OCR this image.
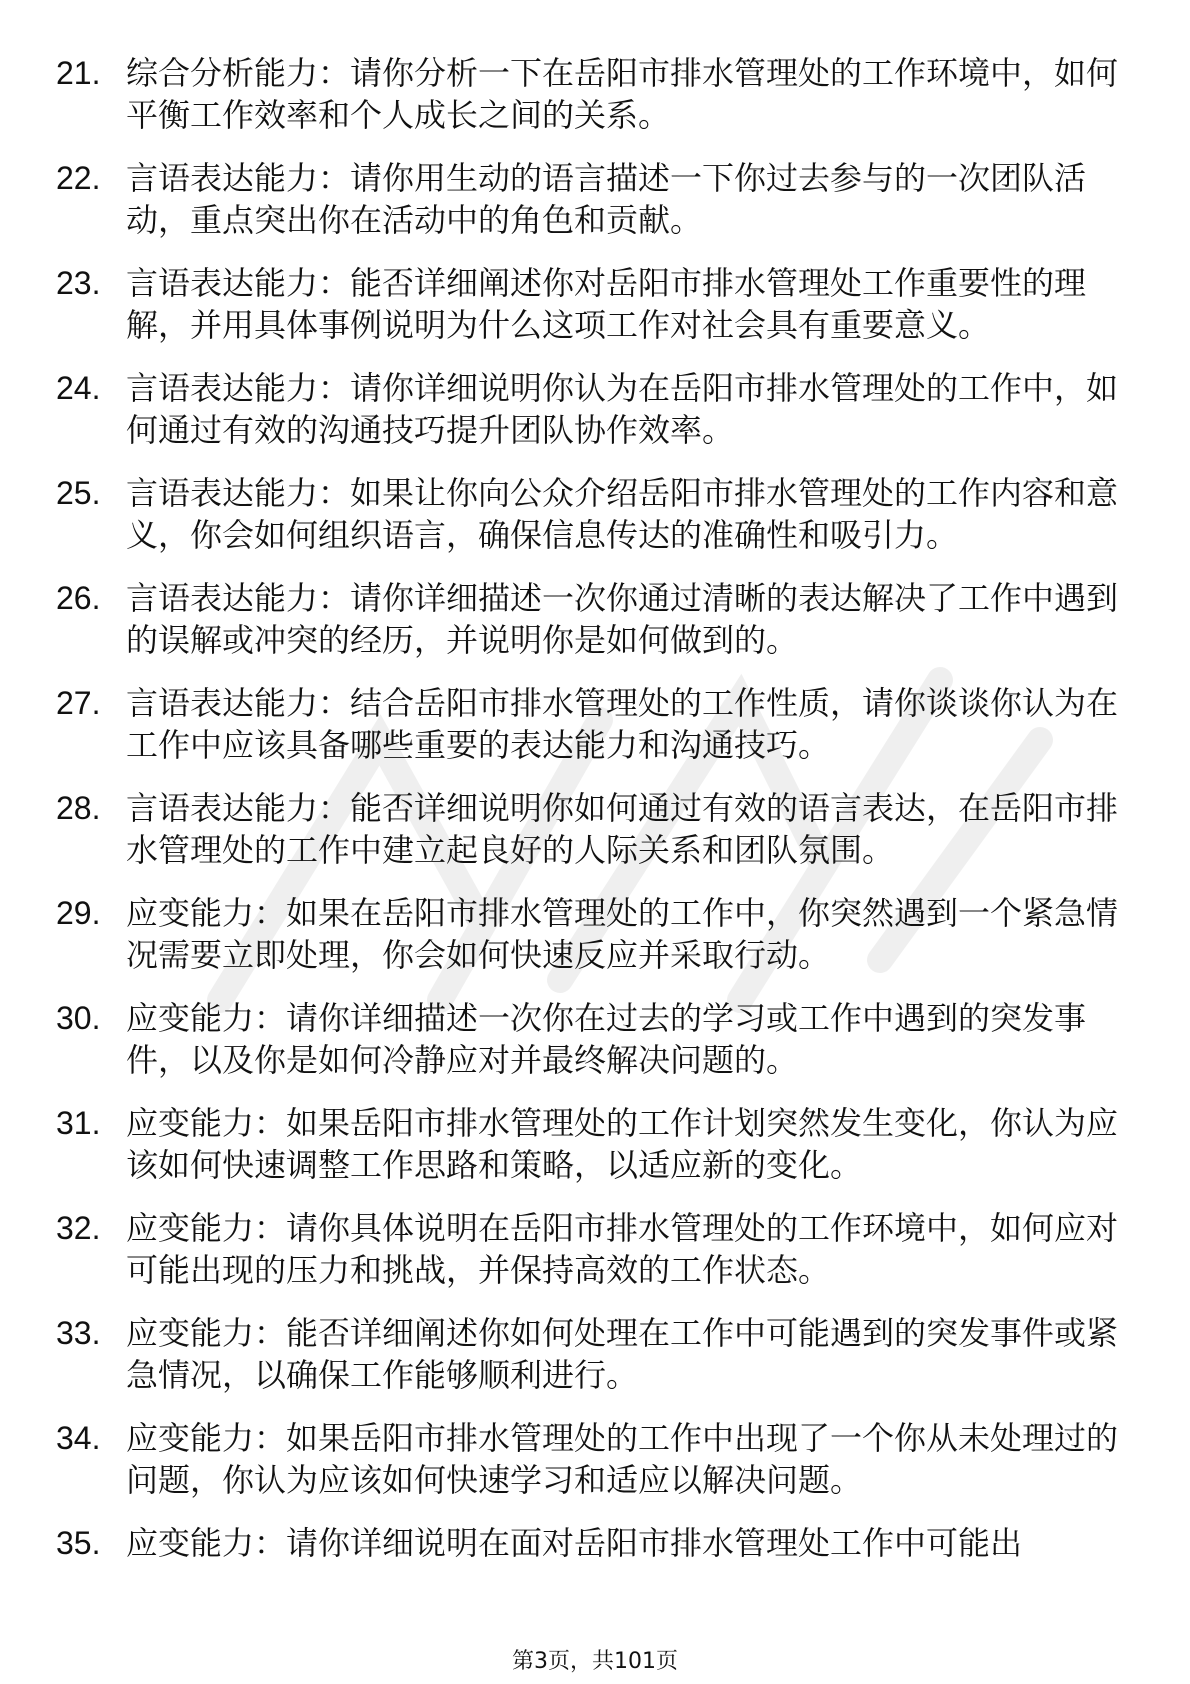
21. 综合分析能力：请你分析一下在岳阳市排水管理处的工作环境中，如何平衡工作效率和个人成长之间的关系。
22. 言语表达能力：请你用生动的语言描述一下你过去参与的一次团队活动，重点突出你在活动中的角色和贡献。
23. 言语表达能力：能否详细阐述你对岳阳市排水管理处工作重要性的理解，并用具体事例说明为什么这项工作对社会具有重要意义。
24. 言语表达能力：请你详细说明你认为在岳阳市排水管理处的工作中，如何通过有效的沟通技巧提升团队协作效率。
25. 言语表达能力：如果让你向公众介绍岳阳市排水管理处的工作内容和意义，你会如何组织语言，确保信息传达的准确性和吸引力。
26. 言语表达能力：请你详细描述一次你通过清晰的表达解决了工作中遇到的误解或冲突的经历，并说明你是如何做到的。
27. 言语表达能力：结合岳阳市排水管理处的工作性质，请你谈谈你认为在工作中应该具备哪些重要的表达能力和沟通技巧。
28. 言语表达能力：能否详细说明你如何通过有效的语言表达，在岳阳市排水管理处的工作中建立起良好的人际关系和团队氛围。
29. 应变能力：如果在岳阳市排水管理处的工作中，你突然遇到一个紧急情况需要立即处理，你会如何快速反应并采取行动。
30. 应变能力：请你详细描述一次你在过去的学习或工作中遇到的突发事件，以及你是如何冷静应对并最终解决问题的。
31. 应变能力：如果岳阳市排水管理处的工作计划突然发生变化，你认为应该如何快速调整工作思路和策略，以适应新的变化。
32. 应变能力：请你具体说明在岳阳市排水管理处的工作环境中，如何应对可能出现的压力和挑战，并保持高效的工作状态。
33. 应变能力：能否详细阐述你如何处理在工作中可能遇到的突发事件或紧急情况，以确保工作能够顺利进行。
34. 应变能力：如果岳阳市排水管理处的工作中出现了一个你从未处理过的问题，你认为应该如何快速学习和适应以解决问题。
35. 应变能力：请你详细说明在面对岳阳市排水管理处工作中可能出
第3页，共101页
